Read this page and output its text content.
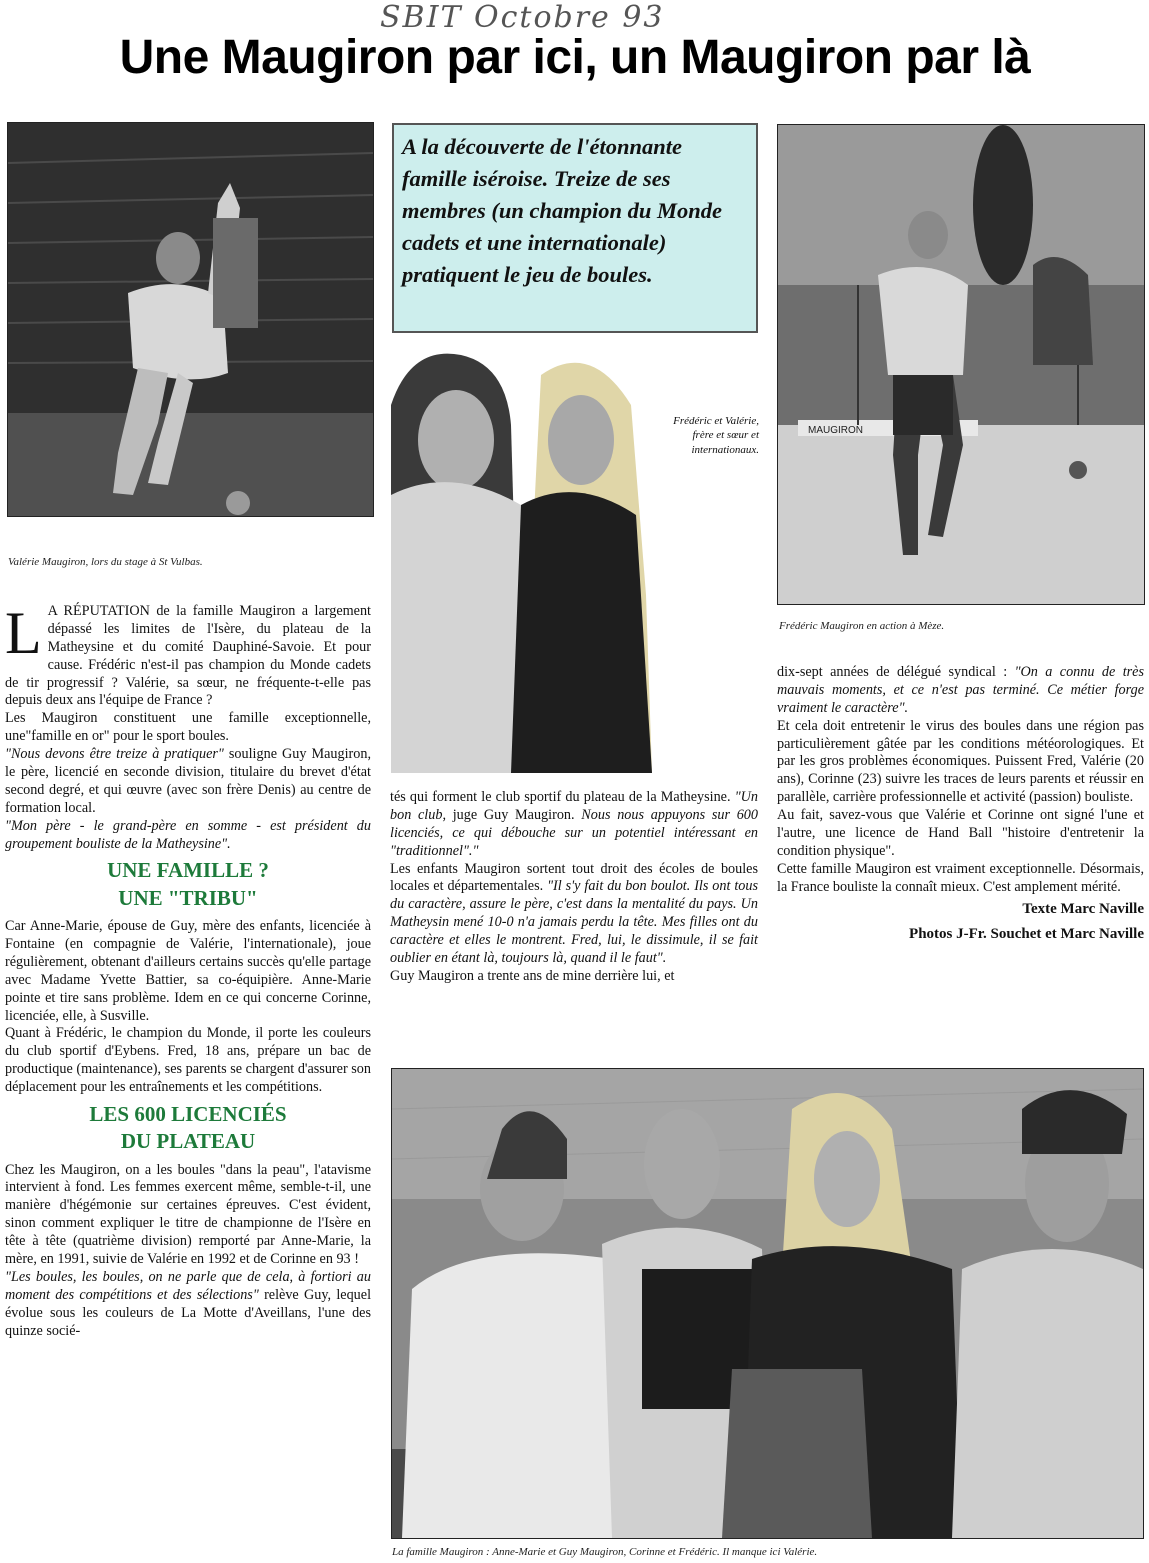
SBIT Octobre 93
Une Maugiron par ici, un Maugiron par là
Valérie Maugiron, lors du stage à St Vulbas.
A la découverte de l'étonnante famille iséroise. Treize de ses membres (un champion du Monde cadets et une internationale) pratiquent le jeu de boules.
Frédéric et Valérie, frère et sœur et internationaux.
MAUGIRON
Frédéric Maugiron en action à Mèze.

L A RÉPUTATION de la famille Maugiron a largement dépassé les limites de l'Isère, du plateau de la Matheysine et du comité Dauphiné-Savoie. Et pour cause. Frédéric n'est-il pas champion du Monde cadets de tir progressif ? Valérie, sa sœur, ne fréquente-t-elle pas depuis deux ans l'équipe de France ?

Les Maugiron constituent une famille exceptionnelle, une"famille en or" pour le sport boules.

"Nous devons être treize à pratiquer" souligne Guy Maugiron, le père, licencié en seconde division, titulaire du brevet d'état second degré, et qui œuvre (avec son frère Denis) au centre de formation local.

"Mon père - le grand-père en somme - est président du groupement bouliste de la Matheysine".

UNE FAMILLE ?
UNE "TRIBU"

Car Anne-Marie, épouse de Guy, mère des enfants, licenciée à Fontaine (en compagnie de Valérie, l'internationale), joue régulièrement, obtenant d'ailleurs certains succès qu'elle partage avec Madame Yvette Battier, sa co-équipière. Anne-Marie pointe et tire sans problème. Idem en ce qui concerne Corinne, licenciée, elle, à Susville.

Quant à Frédéric, le champion du Monde, il porte les couleurs du club sportif d'Eybens. Fred, 18 ans, prépare un bac de productique (maintenance), ses parents se chargent d'assurer son déplacement pour les entraînements et les compétitions.

LES 600 LICENCIÉS
DU PLATEAU

Chez les Maugiron, on a les boules "dans la peau", l'atavisme intervient à fond. Les femmes exercent même, semble-t-il, une manière d'hégémonie sur certaines épreuves. C'est évident, sinon comment expliquer le titre de championne de l'Isère en tête à tête (quatrième division) remporté par Anne-Marie, la mère, en 1991, suivie de Valérie en 1992 et de Corinne en 93 !

"Les boules, les boules, on ne parle que de cela, à fortiori au moment des compétitions et des sélections" relève Guy, lequel évolue sous les couleurs de La Motte d'Aveillans, l'une des quinze socié-

tés qui forment le club sportif du plateau de la Matheysine. "Un bon club, juge Guy Maugiron. Nous nous appuyons sur 600 licenciés, ce qui débouche sur un potentiel intéressant en "traditionnel"."

Les enfants Maugiron sortent tout droit des écoles de boules locales et départementales. "Il s'y fait du bon boulot. Ils ont tous du caractère, assure le père, c'est dans la mentalité du pays. Un Matheysin mené 10-0 n'a jamais perdu la tête. Mes filles ont du caractère et elles le montrent. Fred, lui, le dissimule, il se fait oublier en étant là, toujours là, quand il le faut".

Guy Maugiron a trente ans de mine derrière lui, et

dix-sept années de délégué syndical : "On a connu de très mauvais moments, et ce n'est pas terminé. Ce métier forge vraiment le caractère".

Et cela doit entretenir le virus des boules dans une région pas particulièrement gâtée par les conditions météorologiques. Et par les gros problèmes économiques. Puissent Fred, Valérie (20 ans), Corinne (23) suivre les traces de leurs parents et réussir en parallèle, carrière professionnelle et activité (passion) bouliste.

Au fait, savez-vous que Valérie et Corinne ont signé l'une et l'autre, une licence de Hand Ball "histoire d'entretenir la condition physique".

Cette famille Maugiron est vraiment exceptionnelle. Désormais, la France bouliste la connaît mieux. C'est amplement mérité.

Texte Marc Naville
Photos J-Fr. Souchet et Marc Naville
La famille Maugiron : Anne-Marie et Guy Maugiron, Corinne et Frédéric. Il manque ici Valérie.
